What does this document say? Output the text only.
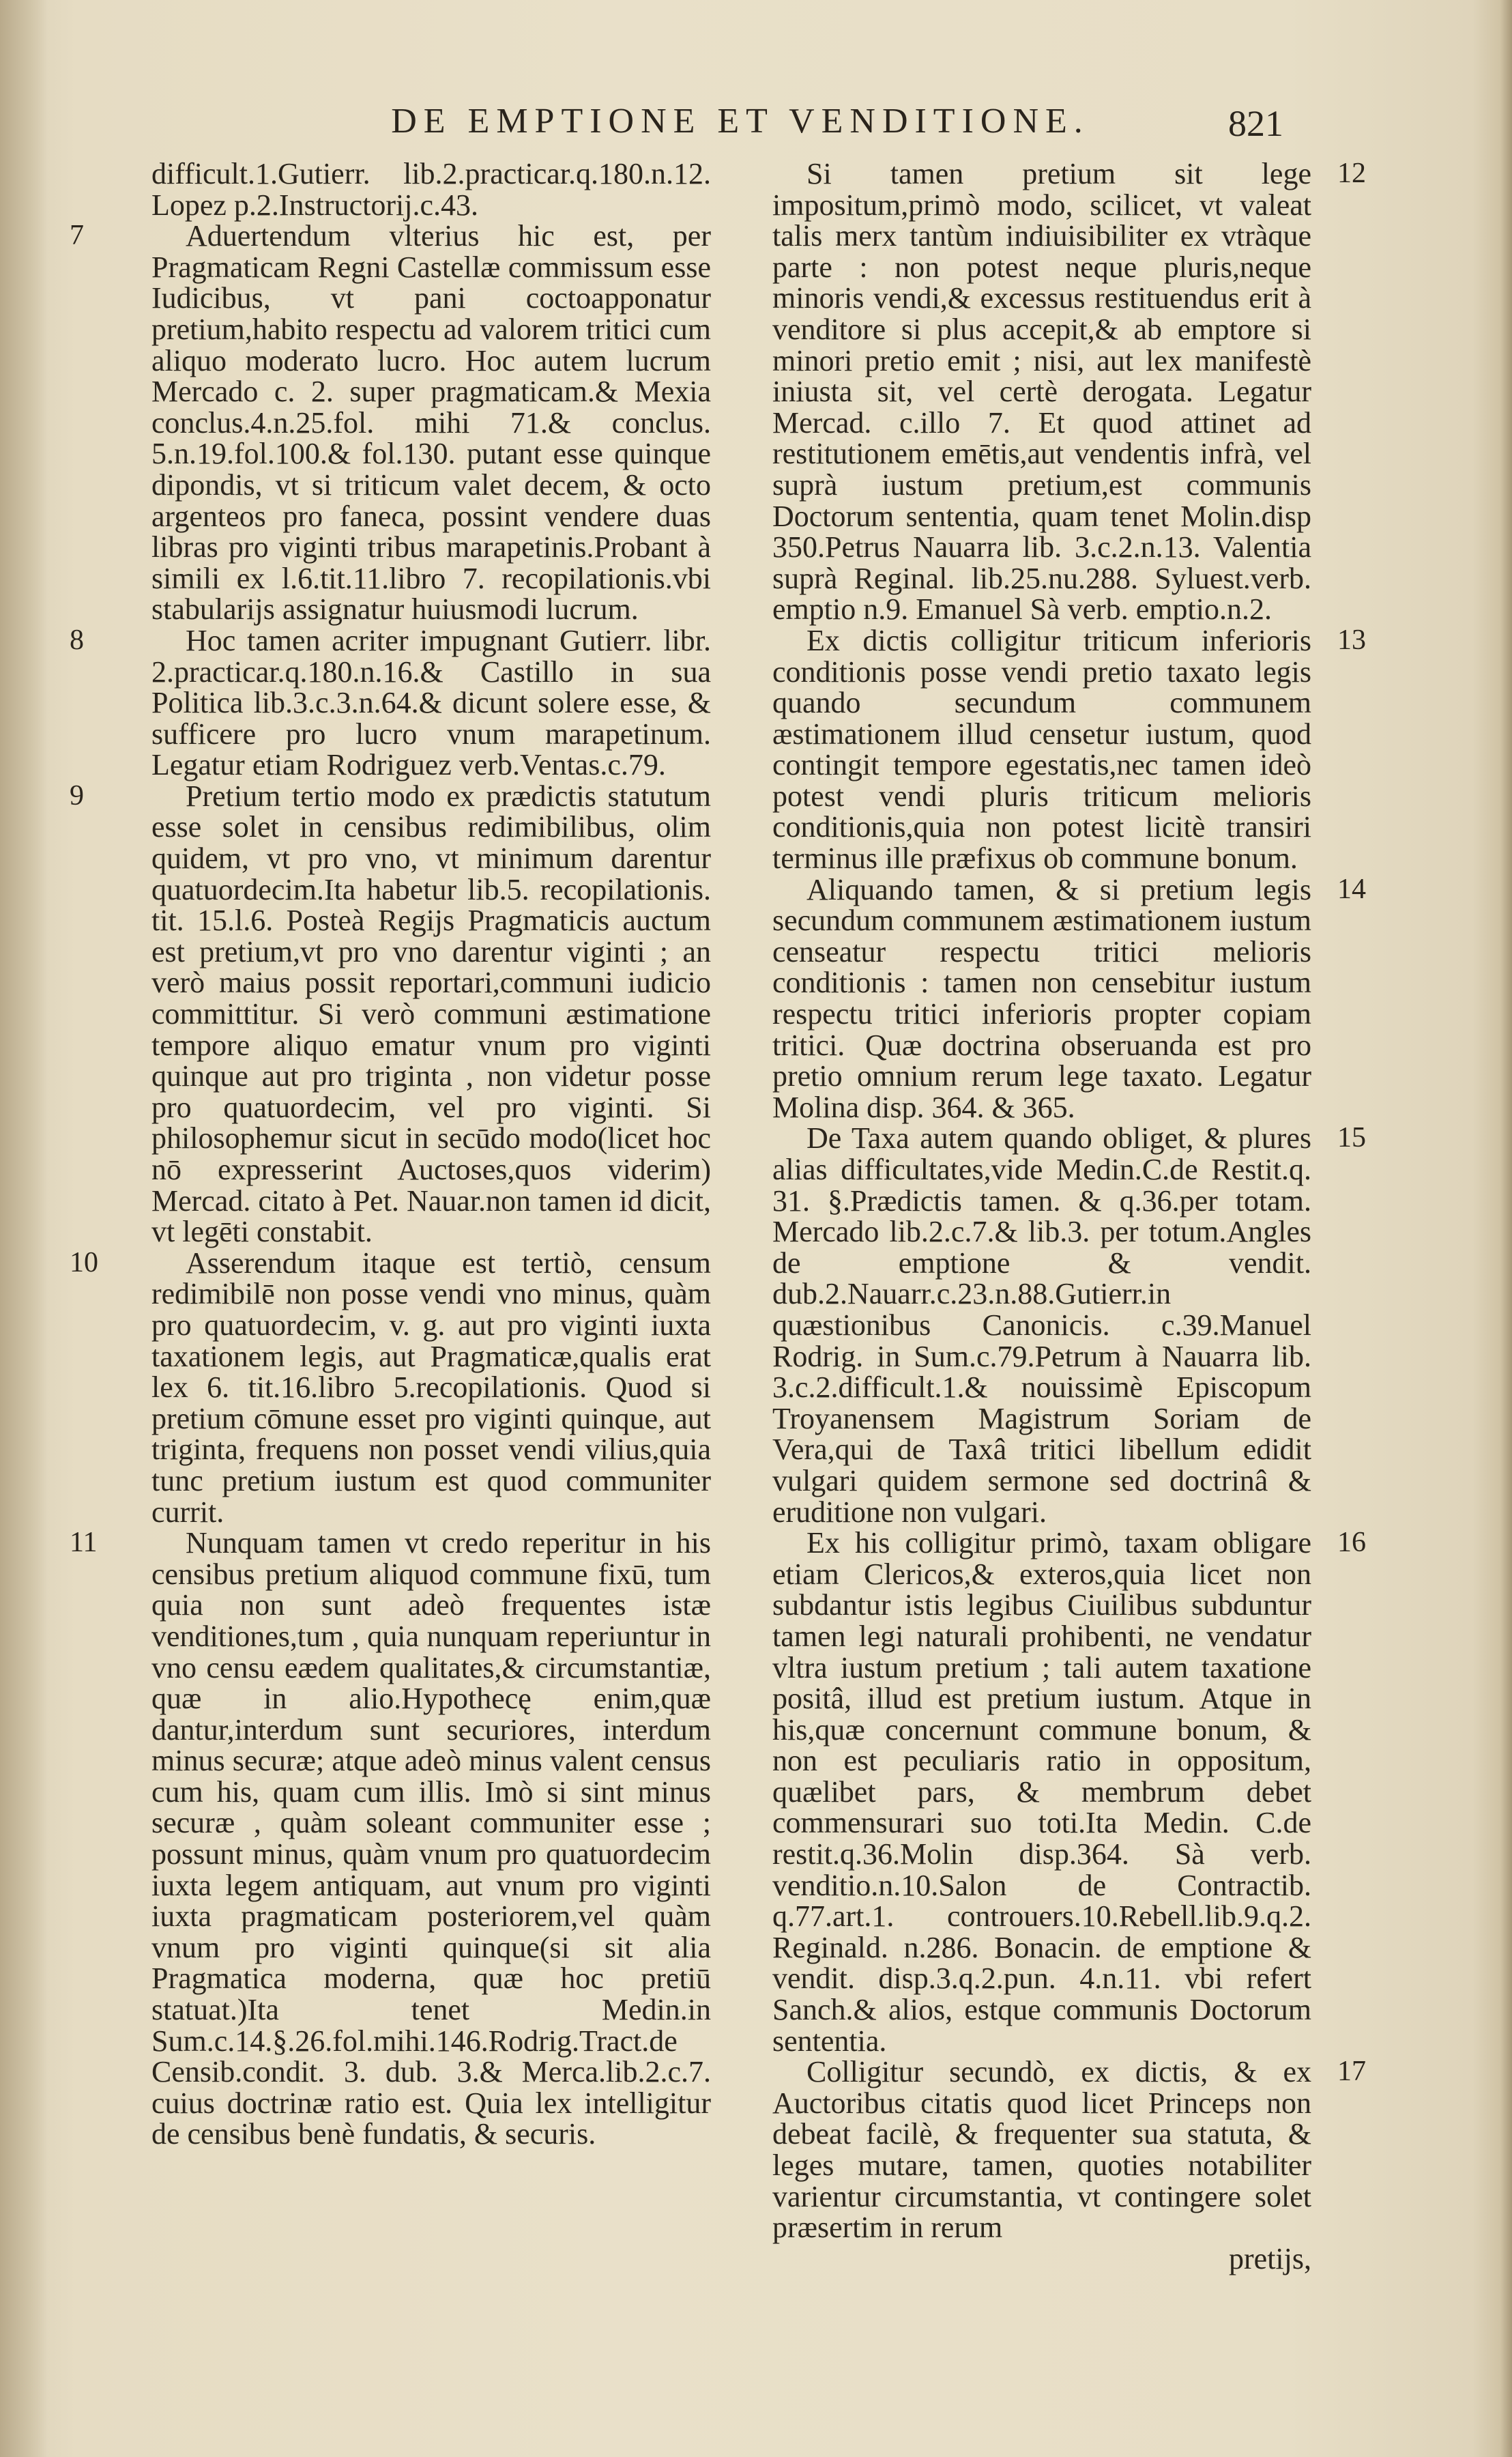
DE EMPTIONE ET VENDITIONE.	821

difficult.1.Gutierr. lib.2.practicar.q.180.n.12. Lopez p.2.Instructorij.c.43.

7	Aduertendum vlterius hic est, per Pragmaticam Regni Castellæ commissum esse Iudicibus, vt pani coctoapponatur pretium,habito respectu ad valorem tritici cum aliquo moderato lucro. Hoc autem lucrum Mercado c. 2. super pragmaticam.& Mexia conclus.4.n.25.fol. mihi 71.& conclus. 5.n.19.fol.100.& fol.130. putant esse quinque dipondis, vt si triticum valet decem, & octo argenteos pro faneca, possint vendere duas libras pro viginti tribus marapetinis.Probant à simili ex l.6.tit.11.libro 7. recopilationis.vbi stabularijs assignatur huiusmodi lucrum.

8	Hoc tamen acriter impugnant Gutierr. libr. 2.practicar.q.180.n.16.& Castillo in sua Politica lib.3.c.3.n.64.& dicunt solere esse, & sufficere pro lucro vnum marapetinum. Legatur etiam Rodriguez verb.Ventas.c.79.

9	Pretium tertio modo ex prædictis statutum esse solet in censibus redimibilibus, olim quidem, vt pro vno, vt minimum darentur quatuordecim.Ita habetur lib.5. recopilationis. tit. 15.l.6. Posteà Regijs Pragmaticis auctum est pretium,vt pro vno darentur viginti ; an verò maius possit reportari,communi iudicio committitur. Si verò communi æstimatione tempore aliquo ematur vnum pro viginti quinque aut pro triginta , non videtur posse pro quatuordecim, vel pro viginti. Si philosophemur sicut in secūdo modo(licet hoc nō expresserint Auctoses,quos viderim) Mercad. citato à Pet. Nauar.non tamen id dicit, vt legēti constabit.

10	Asserendum itaque est tertiò, censum redimibilē non posse vendi vno minus, quàm pro quatuordecim, v. g. aut pro viginti iuxta taxationem legis, aut Pragmaticæ,qualis erat lex 6. tit.16.libro 5.recopilationis. Quod si pretium cōmune esset pro viginti quinque, aut triginta, frequens non posset vendi vilius,quia tunc pretium iustum est quod communiter currit.

11	Nunquam tamen vt credo reperitur in his censibus pretium aliquod commune fixū, tum quia non sunt adeò frequentes istæ venditiones,tum , quia nunquam reperiuntur in vno censu eædem qualitates,& circumstantiæ, quæ in alio.Hypothecę enim,quæ dantur,interdum sunt securiores, interdum minus securæ; atque adeò minus valent census cum his, quam cum illis. Imò si sint minus securæ , quàm soleant communiter esse ; possunt minus, quàm vnum pro quatuordecim iuxta legem antiquam, aut vnum pro viginti iuxta pragmaticam posteriorem,vel quàm vnum pro viginti quinque(si sit alia Pragmatica moderna, quæ hoc pretiū statuat.)Ita tenet Medin.in Sum.c.14.§.26.fol.mihi.146.Rodrig.Tract.de Censib.condit. 3. dub. 3.& Merca.lib.2.c.7. cuius doctrinæ ratio est. Quia lex intelligitur de censibus benè fundatis, & securis.

12
Si tamen pretium sit lege impositum,primò modo, scilicet, vt valeat talis merx tantùm indiuisibiliter ex vtràque parte : non potest neque pluris,neque minoris vendi,& excessus restituendus erit à venditore si plus accepit,& ab emptore si minori pretio emit ; nisi, aut lex manifestè iniusta sit, vel certè derogata. Legatur Mercad. c.illo 7. Et quod attinet ad restitutionem emētis,aut vendentis infrà, vel suprà iustum pretium,est communis Doctorum sententia, quam tenet Molin.disp 350.Petrus Nauarra lib. 3.c.2.n.13. Valentia suprà Reginal. lib.25.nu.288. Syluest.verb. emptio n.9. Emanuel Sà verb. emptio.n.2.

13
Ex dictis colligitur triticum inferioris conditionis posse vendi pretio taxato legis quando secundum communem æstimationem illud censetur iustum, quod contingit tempore egestatis,nec tamen ideò potest vendi pluris triticum melioris conditionis,quia non potest licitè transiri terminus ille præfixus ob commune bonum.

14
Aliquando tamen, & si pretium legis secundum communem æstimationem iustum censeatur respectu tritici melioris conditionis : tamen non censebitur iustum respectu tritici inferioris propter copiam tritici. Quæ doctrina obseruanda est pro pretio omnium rerum lege taxato. Legatur Molina disp. 364. & 365.

15
De Taxa autem quando obliget, & plures alias difficultates,vide Medin.C.de Restit.q. 31. §.Prædictis tamen. & q.36.per totam. Mercado lib.2.c.7.& lib.3. per totum.Angles de emptione & vendit. dub.2.Nauarr.c.23.n.88.Gutierr.in quæstionibus Canonicis. c.39.Manuel Rodrig. in Sum.c.79.Petrum à Nauarra lib. 3.c.2.difficult.1.& nouissimè Episcopum Troyanensem Magistrum Soriam de Vera,qui de Taxâ tritici libellum edidit vulgari quidem sermone sed doctrinâ & eruditione non vulgari.

16
Ex his colligitur primò, taxam obligare etiam Clericos,& exteros,quia licet non subdantur istis legibus Ciuilibus subduntur tamen legi naturali prohibenti, ne vendatur vltra iustum pretium ; tali autem taxatione positâ, illud est pretium iustum. Atque in his,quæ concernunt commune bonum, & non est peculiaris ratio in oppositum, quælibet pars, & membrum debet commensurari suo toti.Ita Medin. C.de restit.q.36.Molin disp.364. Sà verb. venditio.n.10.Salon de Contractib. q.77.art.1. controuers.10.Rebell.lib.9.q.2. Reginald. n.286. Bonacin. de emptione & vendit. disp.3.q.2.pun. 4.n.11. vbi refert Sanch.& alios, estque communis Doctorum sententia.

17
Colligitur secundò, ex dictis, & ex Auctoribus citatis quod licet Princeps non debeat facilè, & frequenter sua statuta, & leges mutare, tamen, quoties notabiliter varientur circumstantia, vt contingere solet præsertim in rerum

pretijs,
